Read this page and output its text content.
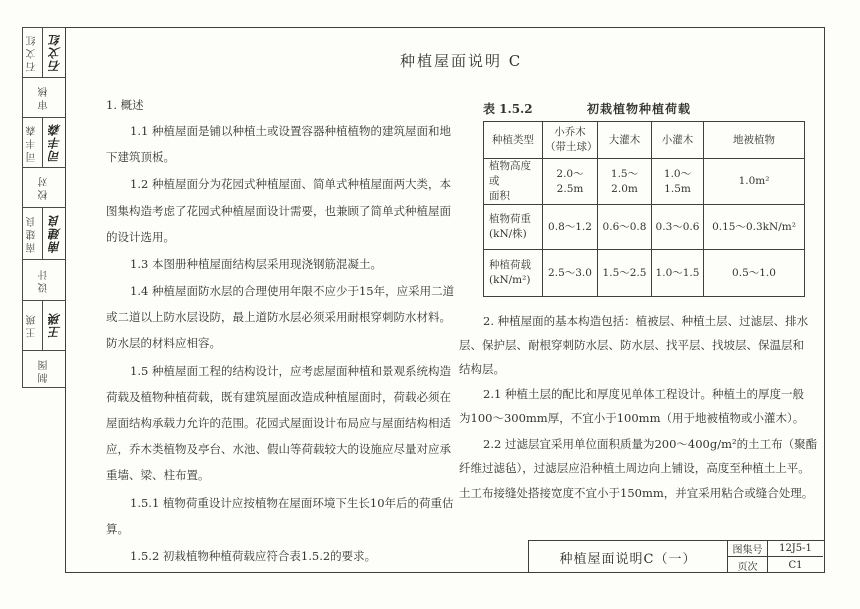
石文红 石文红
审核
司丰森 司丰森
校对
南建良 南建良
设计
王瑛 王瑛
制图
种植屋面说明 C
1. 概述
1.1 种植屋面是铺以种植土或设置容器种植植物的建筑屋面和地
下建筑顶板。
1.2 种植屋面分为花园式种植屋面、简单式种植屋面两大类，本
图集构造考虑了花园式种植屋面设计需要，也兼顾了简单式种植屋面
的设计选用。
1.3 本图册种植屋面结构层采用现浇钢筋混凝土。
1.4 种植屋面防水层的合理使用年限不应少于15年，应采用二道
或二道以上防水层设防，最上道防水层必须采用耐根穿刺防水材料。
防水层的材料应相容。
1.5 种植屋面工程的结构设计，应考虑屋面种植和景观系统构造
荷载及植物种植荷载，既有建筑屋面改造成种植屋面时，荷载必须在
屋面结构承载力允许的范围。花园式屋面设计布局应与屋面结构相适
应，乔木类植物及亭台、水池、假山等荷载较大的设施应尽量对应承
重墙、梁、柱布置。
1.5.1 植物荷重设计应按植物在屋面环境下生长10年后的荷重估
算。
1.5.2 初栽植物种植荷载应符合表1.5.2的要求。
表 1.5.2	初栽植物种植荷载
种植类型	小乔木
（带土球）	大灌木	小灌木	地被植物

植物高度或
面积	2.0～2.5m	1.5～2.0m	1.0～1.5m	1.0m²

植物荷重
(kN/株)	0.8～1.2	0.6～0.8	0.3～0.6	0.15～0.3kN/m²

种植荷载
(kN/m²)	2.5～3.0	1.5～2.5	1.0～1.5	0.5～1.0
2. 种植屋面的基本构造包括：植被层、种植土层、过滤层、排水
层、保护层、耐根穿刺防水层、防水层、找平层、找坡层、保温层和
结构层。
2.1 种植土层的配比和厚度见单体工程设计。种植土的厚度一般
为100～300mm厚，不宜小于100mm（用于地被植物或小灌木）。
2.2 过滤层宜采用单位面积质量为200～400g/m²的土工布（聚酯
纤维过滤毡），过滤层应沿种植土周边向上铺设，高度至种植土上平。
土工布接缝处搭接宽度不宜小于150mm，并宜采用粘合或缝合处理。
种植屋面说明C（一）
图集号	12J5-1
页次	C1
